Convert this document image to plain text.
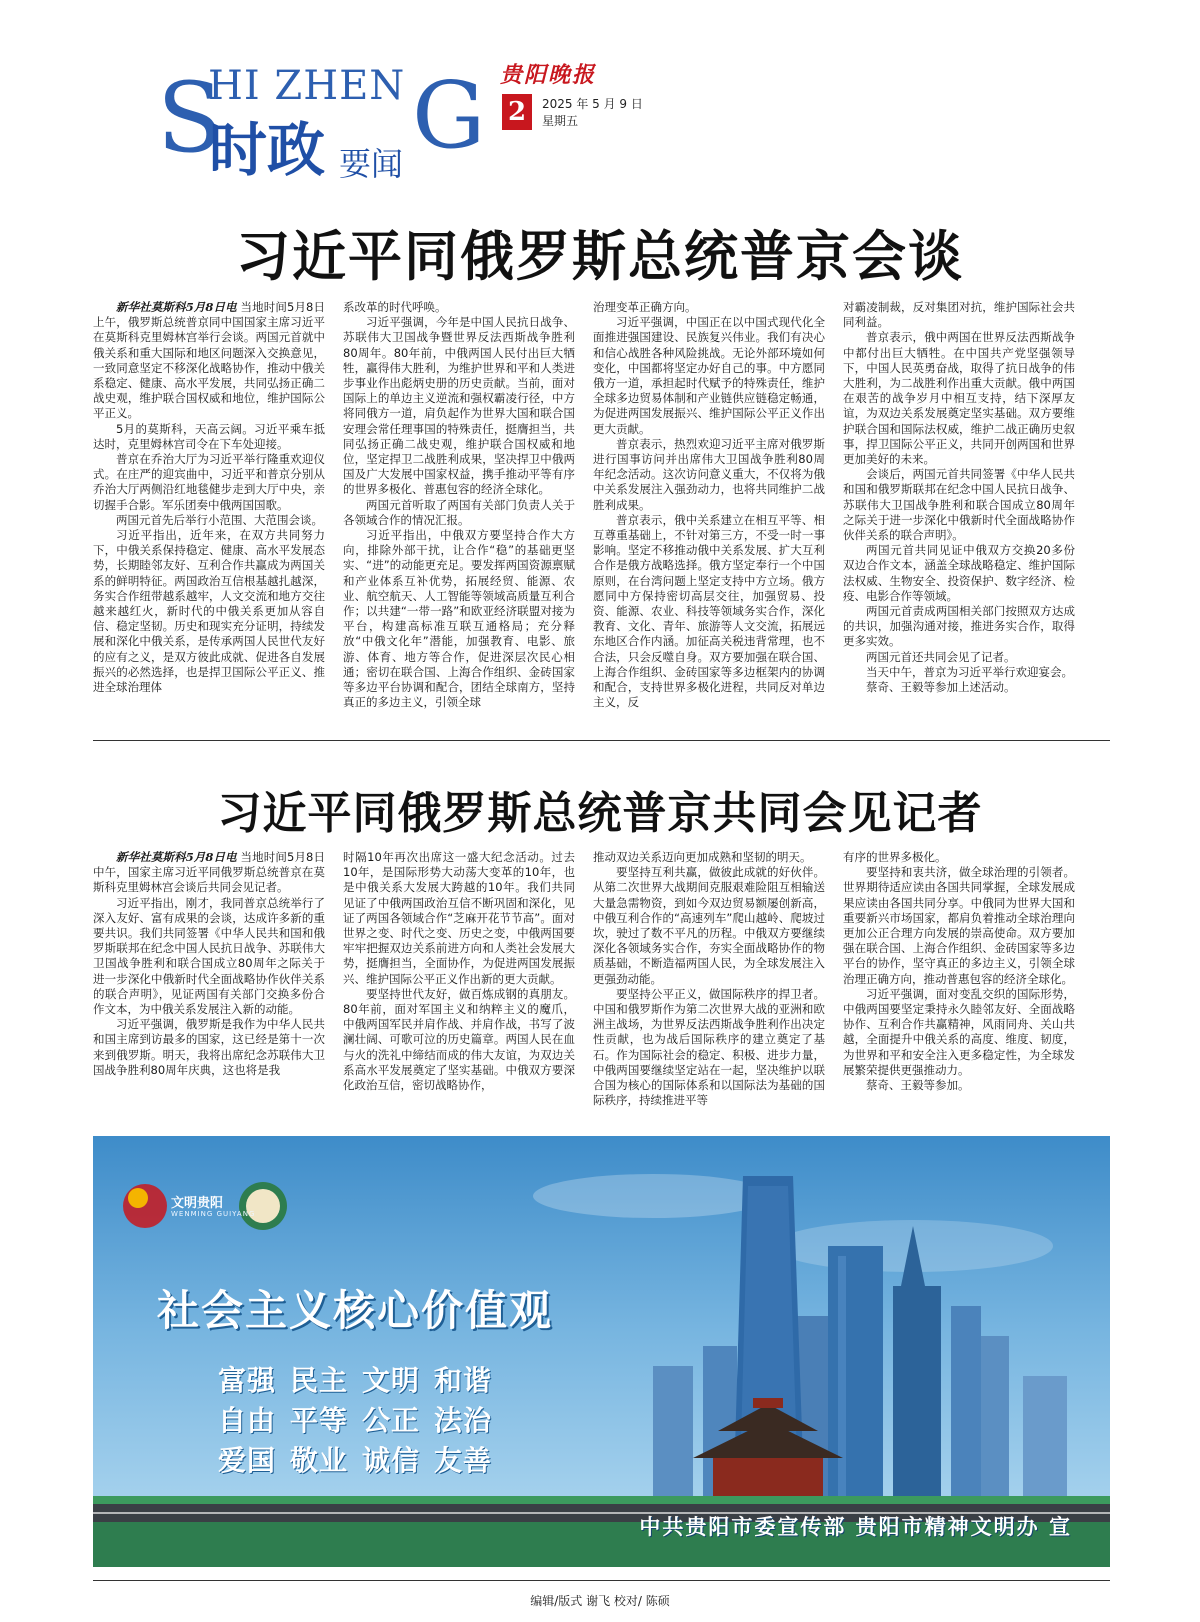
S
HI ZHEN G
时政 要闻
贵阳晚报
2	2025 年 5 月 9 日
星期五
习近平同俄罗斯总统普京会谈

新华社莫斯科5月8日电 当地时间5月8日上午，俄罗斯总统普京同中国国家主席习近平在莫斯科克里姆林宫举行会谈。两国元首就中俄关系和重大国际和地区问题深入交换意见，一致同意坚定不移深化战略协作，推动中俄关系稳定、健康、高水平发展，共同弘扬正确二战史观，维护联合国权威和地位，维护国际公平正义。

5月的莫斯科，天高云阔。习近平乘车抵达时，克里姆林宫司令在下车处迎接。

普京在乔治大厅为习近平举行隆重欢迎仪式。在庄严的迎宾曲中，习近平和普京分别从乔治大厅两侧沿红地毯健步走到大厅中央，亲切握手合影。军乐团奏中俄两国国歌。

两国元首先后举行小范围、大范围会谈。

习近平指出，近年来，在双方共同努力下，中俄关系保持稳定、健康、高水平发展态势，长期睦邻友好、互利合作共赢成为两国关系的鲜明特征。两国政治互信根基越扎越深，务实合作纽带越系越牢，人文交流和地方交往越来越红火，新时代的中俄关系更加从容自信、稳定坚韧。历史和现实充分证明，持续发展和深化中俄关系，是传承两国人民世代友好的应有之义，是双方彼此成就、促进各自发展振兴的必然选择，也是捍卫国际公平正义、推进全球治理体

系改革的时代呼唤。

习近平强调，今年是中国人民抗日战争、苏联伟大卫国战争暨世界反法西斯战争胜利80周年。80年前，中俄两国人民付出巨大牺牲，赢得伟大胜利，为维护世界和平和人类进步事业作出彪炳史册的历史贡献。当前，面对国际上的单边主义逆流和强权霸凌行径，中方将同俄方一道，肩负起作为世界大国和联合国安理会常任理事国的特殊责任，挺膺担当，共同弘扬正确二战史观，维护联合国权威和地位，坚定捍卫二战胜利成果，坚决捍卫中俄两国及广大发展中国家权益，携手推动平等有序的世界多极化、普惠包容的经济全球化。

两国元首听取了两国有关部门负责人关于各领域合作的情况汇报。

习近平指出，中俄双方要坚持合作大方向，排除外部干扰，让合作“稳”的基础更坚实、“进”的动能更充足。要发挥两国资源禀赋和产业体系互补优势，拓展经贸、能源、农业、航空航天、人工智能等领域高质量互利合作；以共建“一带一路”和欧亚经济联盟对接为平台，构建高标准互联互通格局；充分释放“中俄文化年”潜能，加强教育、电影、旅游、体育、地方等合作，促进深层次民心相通；密切在联合国、上海合作组织、金砖国家等多边平台协调和配合，团结全球南方，坚持真正的多边主义，引领全球

治理变革正确方向。

习近平强调，中国正在以中国式现代化全面推进强国建设、民族复兴伟业。我们有决心和信心战胜各种风险挑战。无论外部环境如何变化，中国都将坚定办好自己的事。中方愿同俄方一道，承担起时代赋予的特殊责任，维护全球多边贸易体制和产业链供应链稳定畅通，为促进两国发展振兴、维护国际公平正义作出更大贡献。

普京表示，热烈欢迎习近平主席对俄罗斯进行国事访问并出席伟大卫国战争胜利80周年纪念活动。这次访问意义重大，不仅将为俄中关系发展注入强劲动力，也将共同维护二战胜利成果。

普京表示，俄中关系建立在相互平等、相互尊重基础上，不针对第三方，不受一时一事影响。坚定不移推动俄中关系发展、扩大互利合作是俄方战略选择。俄方坚定奉行一个中国原则，在台湾问题上坚定支持中方立场。俄方愿同中方保持密切高层交往，加强贸易、投资、能源、农业、科技等领域务实合作，深化教育、文化、青年、旅游等人文交流，拓展远东地区合作内涵。加征高关税违背常理，也不合法，只会反噬自身。双方要加强在联合国、上海合作组织、金砖国家等多边框架内的协调和配合，支持世界多极化进程，共同反对单边主义，反

对霸凌制裁，反对集团对抗，维护国际社会共同利益。

普京表示，俄中两国在世界反法西斯战争中都付出巨大牺牲。在中国共产党坚强领导下，中国人民英勇奋战，取得了抗日战争的伟大胜利，为二战胜利作出重大贡献。俄中两国在艰苦的战争岁月中相互支持，结下深厚友谊，为双边关系发展奠定坚实基础。双方要维护联合国和国际法权威，维护二战正确历史叙事，捍卫国际公平正义，共同开创两国和世界更加美好的未来。

会谈后，两国元首共同签署《中华人民共和国和俄罗斯联邦在纪念中国人民抗日战争、苏联伟大卫国战争胜利和联合国成立80周年之际关于进一步深化中俄新时代全面战略协作伙伴关系的联合声明》。

两国元首共同见证中俄双方交换20多份双边合作文本，涵盖全球战略稳定、维护国际法权威、生物安全、投资保护、数字经济、检疫、电影合作等领域。

两国元首责成两国相关部门按照双方达成的共识，加强沟通对接，推进务实合作，取得更多实效。

两国元首还共同会见了记者。

当天中午，普京为习近平举行欢迎宴会。

蔡奇、王毅等参加上述活动。

习近平同俄罗斯总统普京共同会见记者

新华社莫斯科5月8日电 当地时间5月8日中午，国家主席习近平同俄罗斯总统普京在莫斯科克里姆林宫会谈后共同会见记者。

习近平指出，刚才，我同普京总统举行了深入友好、富有成果的会谈，达成许多新的重要共识。我们共同签署《中华人民共和国和俄罗斯联邦在纪念中国人民抗日战争、苏联伟大卫国战争胜利和联合国成立80周年之际关于进一步深化中俄新时代全面战略协作伙伴关系的联合声明》，见证两国有关部门交换多份合作文本，为中俄关系发展注入新的动能。

习近平强调，俄罗斯是我作为中华人民共和国主席到访最多的国家，这已经是第十一次来到俄罗斯。明天，我将出席纪念苏联伟大卫国战争胜利80周年庆典，这也将是我

时隔10年再次出席这一盛大纪念活动。过去10年，是国际形势大动荡大变革的10年，也是中俄关系大发展大跨越的10年。我们共同见证了中俄两国政治互信不断巩固和深化，见证了两国各领域合作“芝麻开花节节高”。面对世界之变、时代之变、历史之变，中俄两国要牢牢把握双边关系前进方向和人类社会发展大势，挺膺担当，全面协作，为促进两国发展振兴、维护国际公平正义作出新的更大贡献。

要坚持世代友好，做百炼成钢的真朋友。80年前，面对军国主义和纳粹主义的魔爪，中俄两国军民并肩作战、并肩作战，书写了波澜壮阔、可歌可泣的历史篇章。两国人民在血与火的洗礼中缔结而成的伟大友谊，为双边关系高水平发展奠定了坚实基础。中俄双方要深化政治互信，密切战略协作，

推动双边关系迈向更加成熟和坚韧的明天。

要坚持互利共赢，做彼此成就的好伙伴。从第二次世界大战期间克服艰难险阻互相输送大量急需物资，到如今双边贸易额屡创新高，中俄互利合作的“高速列车”爬山越岭、爬坡过坎，驶过了数不平凡的历程。中俄双方要继续深化各领域务实合作，夯实全面战略协作的物质基础，不断造福两国人民，为全球发展注入更强劲动能。

要坚持公平正义，做国际秩序的捍卫者。中国和俄罗斯作为第二次世界大战的亚洲和欧洲主战场，为世界反法西斯战争胜利作出决定性贡献，也为战后国际秩序的建立奠定了基石。作为国际社会的稳定、积极、进步力量，中俄两国要继续坚定站在一起，坚决维护以联合国为核心的国际体系和以国际法为基础的国际秩序，持续推进平等

有序的世界多极化。

要坚持和衷共济，做全球治理的引领者。世界期待适应读由各国共同掌握，全球发展成果应读由各国共同分享。中俄同为世界大国和重要新兴市场国家，都肩负着推动全球治理向更加公正合理方向发展的崇高使命。双方要加强在联合国、上海合作组织、金砖国家等多边平台的协作，坚守真正的多边主义，引领全球治理正确方向，推动普惠包容的经济全球化。

习近平强调，面对变乱交织的国际形势，中俄两国要坚定秉持永久睦邻友好、全面战略协作、互利合作共赢精神，风雨同舟、关山共越，全面提升中俄关系的高度、维度、韧度，为世界和平和安全注入更多稳定性，为全球发展繁荣提供更强推动力。

蔡奇、王毅等参加。

文明贵阳
WENMING GUIYANG
社会主义核心价值观
富强 民主 文明 和谐
自由 平等 公正 法治
爱国 敬业 诚信 友善
中共贵阳市委宣传部 贵阳市精神文明办 宣
编辑/版式 谢飞 校对/ 陈硕
